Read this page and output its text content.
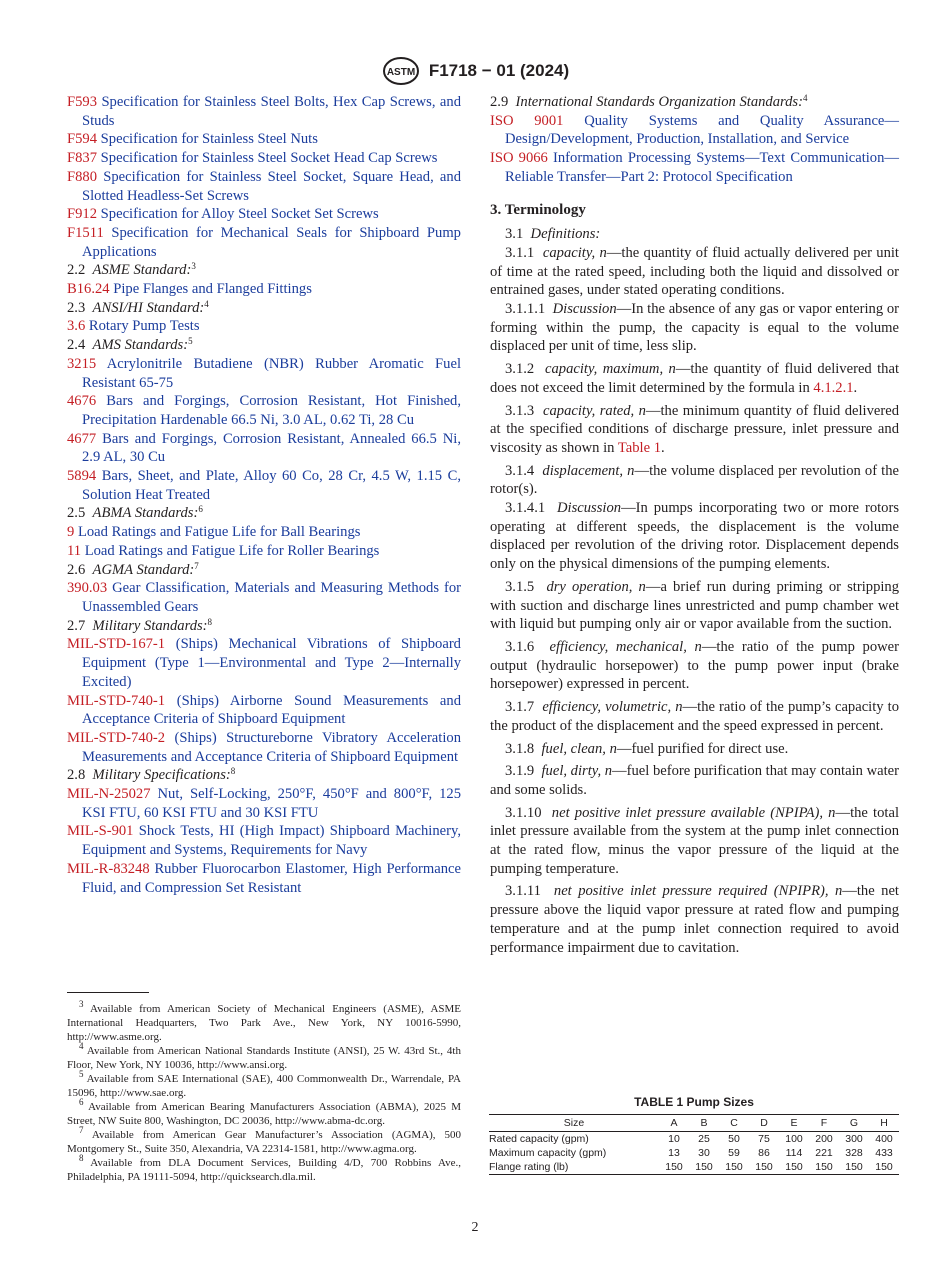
ASTM F1718 − 01 (2024)
F593 Specification for Stainless Steel Bolts, Hex Cap Screws, and Studs
F594 Specification for Stainless Steel Nuts
F837 Specification for Stainless Steel Socket Head Cap Screws
F880 Specification for Stainless Steel Socket, Square Head, and Slotted Headless-Set Screws
F912 Specification for Alloy Steel Socket Set Screws
F1511 Specification for Mechanical Seals for Shipboard Pump Applications
2.2 ASME Standard:$^3$
B16.24 Pipe Flanges and Flanged Fittings
2.3 ANSI/HI Standard:$^4$
3.6 Rotary Pump Tests
2.4 AMS Standards:$^5$
3215 Acrylonitrile Butadiene (NBR) Rubber Aromatic Fuel Resistant 65-75
4676 Bars and Forgings, Corrosion Resistant, Hot Finished, Precipitation Hardenable 66.5 Ni, 3.0 AL, 0.62 Ti, 28 Cu
4677 Bars and Forgings, Corrosion Resistant, Annealed 66.5 Ni, 2.9 AL, 30 Cu
5894 Bars, Sheet, and Plate, Alloy 60 Co, 28 Cr, 4.5 W, 1.15 C, Solution Heat Treated
2.5 ABMA Standards:$^6$
9 Load Ratings and Fatigue Life for Ball Bearings
11 Load Ratings and Fatigue Life for Roller Bearings
2.6 AGMA Standard:$^7$
390.03 Gear Classification, Materials and Measuring Methods for Unassembled Gears
2.7 Military Standards:$^8$
MIL-STD-167-1 (Ships) Mechanical Vibrations of Shipboard Equipment (Type 1—Environmental and Type 2—Internally Excited)
MIL-STD-740-1 (Ships) Airborne Sound Measurements and Acceptance Criteria of Shipboard Equipment
MIL-STD-740-2 (Ships) Structureborne Vibratory Acceleration Measurements and Acceptance Criteria of Shipboard Equipment
2.8 Military Specifications:$^8$
MIL-N-25027 Nut, Self-Locking, 250°F, 450°F and 800°F, 125 KSI FTU, 60 KSI FTU and 30 KSI FTU
MIL-S-901 Shock Tests, HI (High Impact) Shipboard Machinery, Equipment and Systems, Requirements for Navy
MIL-R-83248 Rubber Fluorocarbon Elastomer, High Performance Fluid, and Compression Set Resistant
$^3$ Available from American Society of Mechanical Engineers (ASME), ASME International Headquarters, Two Park Ave., New York, NY 10016-5990, http://www.asme.org.
$^4$ Available from American National Standards Institute (ANSI), 25 W. 43rd St., 4th Floor, New York, NY 10036, http://www.ansi.org.
$^5$ Available from SAE International (SAE), 400 Commonwealth Dr., Warrendale, PA 15096, http://www.sae.org.
$^6$ Available from American Bearing Manufacturers Association (ABMA), 2025 M Street, NW Suite 800, Washington, DC 20036, http://www.abma-dc.org.
$^7$ Available from American Gear Manufacturer’s Association (AGMA), 500 Montgomery St., Suite 350, Alexandria, VA 22314-1581, http://www.agma.org.
$^8$ Available from DLA Document Services, Building 4/D, 700 Robbins Ave., Philadelphia, PA 19111-5094, http://quicksearch.dla.mil.
2.9 International Standards Organization Standards:$^4$
ISO 9001 Quality Systems and Quality Assurance—Design/Development, Production, Installation, and Service
ISO 9066 Information Processing Systems—Text Communication—Reliable Transfer—Part 2: Protocol Specification
3. Terminology
3.1 Definitions:
3.1.1 capacity, n—the quantity of fluid actually delivered per unit of time at the rated speed, including both the liquid and dissolved or entrained gases, under stated operating conditions.
3.1.1.1 Discussion—In the absence of any gas or vapor entering or forming within the pump, the capacity is equal to the volume displaced per unit of time, less slip.
3.1.2 capacity, maximum, n—the quantity of fluid delivered that does not exceed the limit determined by the formula in 4.1.2.1.
3.1.3 capacity, rated, n—the minimum quantity of fluid delivered at the specified conditions of discharge pressure, inlet pressure and viscosity as shown in Table 1.
3.1.4 displacement, n—the volume displaced per revolution of the rotor(s).
3.1.4.1 Discussion—In pumps incorporating two or more rotors operating at different speeds, the displacement is the volume displaced per revolution of the driving rotor. Displacement depends only on the physical dimensions of the pumping elements.
3.1.5 dry operation, n—a brief run during priming or stripping with suction and discharge lines unrestricted and pump chamber wet with liquid but pumping only air or vapor available from the suction.
3.1.6 efficiency, mechanical, n—the ratio of the pump power output (hydraulic horsepower) to the pump power input (brake horsepower) expressed in percent.
3.1.7 efficiency, volumetric, n—the ratio of the pump’s capacity to the product of the displacement and the speed expressed in percent.
3.1.8 fuel, clean, n—fuel purified for direct use.
3.1.9 fuel, dirty, n—fuel before purification that may contain water and some solids.
3.1.10 net positive inlet pressure available (NPIPA), n—the total inlet pressure available from the system at the pump inlet connection at the rated flow, minus the vapor pressure of the liquid at the pumping temperature.
3.1.11 net positive inlet pressure required (NPIPR), n—the net pressure above the liquid vapor pressure at rated flow and pumping temperature and at the pump inlet connection required to avoid performance impairment due to cavitation.
TABLE 1 Pump Sizes
Size	A	B	C	D	E	F	G	H
Rated capacity (gpm)	10	25	50	75	100	200	300	400
Maximum capacity (gpm)	13	30	59	86	114	221	328	433
Flange rating (lb)	150	150	150	150	150	150	150	150
2
